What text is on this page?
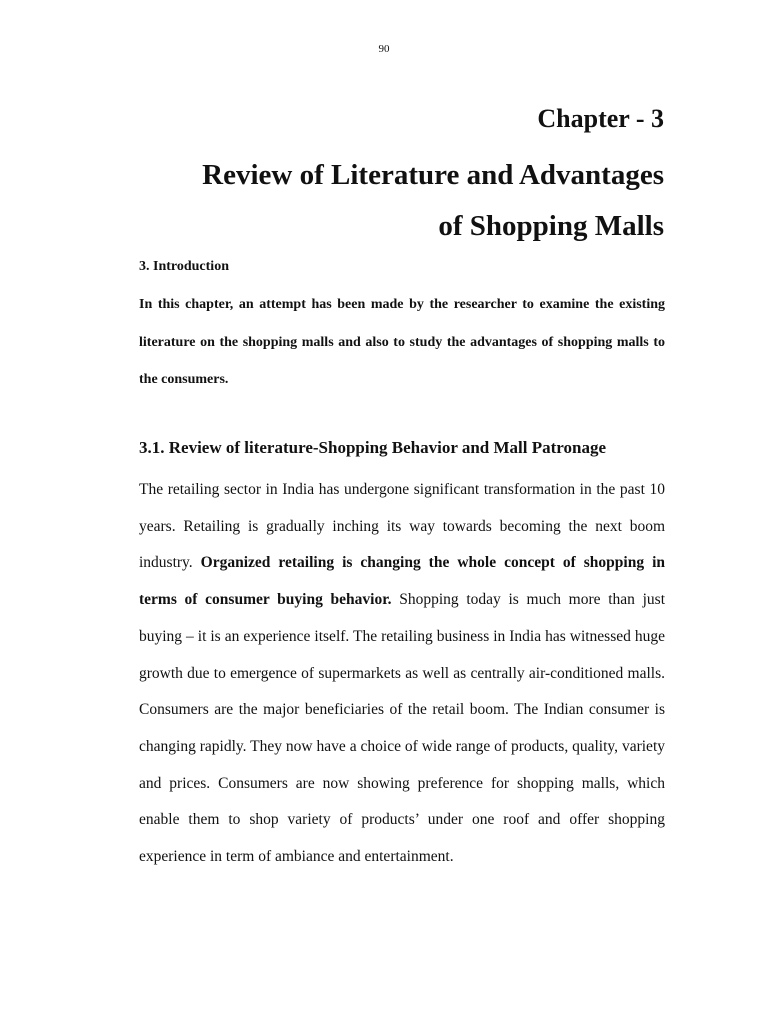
90
Chapter - 3
Review of Literature and Advantages
of Shopping Malls
3. Introduction

In this chapter, an attempt has been made by the researcher to examine the existing literature on the shopping malls and also to study the advantages of shopping malls to the consumers.

3.1. Review of literature-Shopping Behavior and Mall Patronage

The retailing sector in India has undergone significant transformation in the past 10 years. Retailing is gradually inching its way towards becoming the next boom industry. Organized retailing is changing the whole concept of shopping in terms of consumer buying behavior. Shopping today is much more than just buying – it is an experience itself. The retailing business in India has witnessed huge growth due to emergence of supermarkets as well as centrally air-conditioned malls. Consumers are the major beneficiaries of the retail boom. The Indian consumer is changing rapidly. They now have a choice of wide range of products, quality, variety and prices. Consumers are now showing preference for shopping malls, which enable them to shop variety of products’ under one roof and offer shopping experience in term of ambiance and entertainment.
